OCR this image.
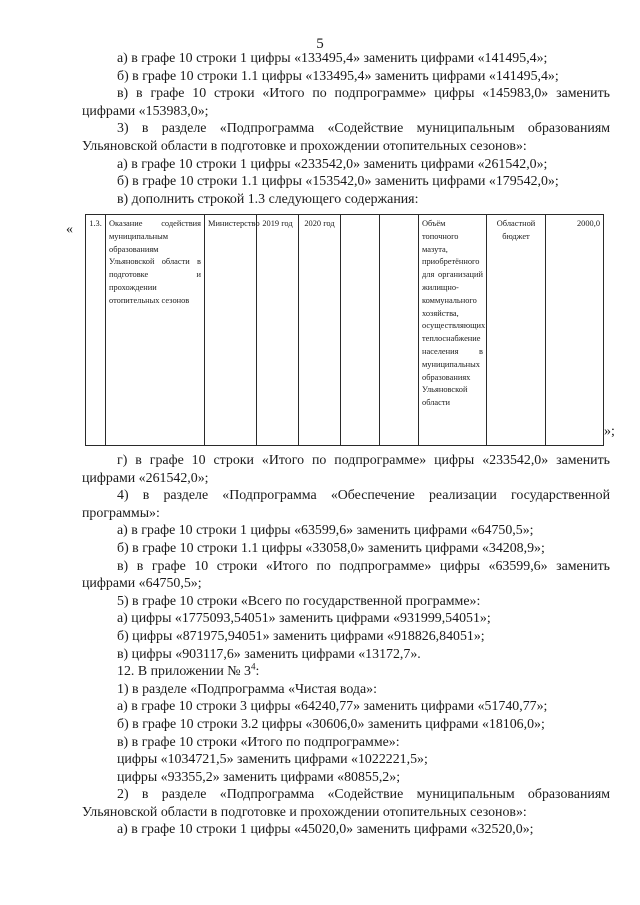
5

а) в графе 10 строки 1 цифры «133495,4» заменить цифрами «141495,4»;

б) в графе 10 строки 1.1 цифры «133495,4» заменить цифрами «141495,4»;

в) в графе 10 строки «Итого по подпрограмме» цифры «145983,0» заменить цифрами «153983,0»;

3) в разделе «Подпрограмма «Содействие муниципальным образованиям Ульяновской области в подготовке и прохождении отопительных сезонов»:

а) в графе 10 строки 1 цифры «233542,0» заменить цифрами «261542,0»;

б) в графе 10 строки 1.1 цифры «153542,0» заменить цифрами «179542,0»;

в) дополнить строкой 1.3 следующего содержания:

« 1.3.	Оказание содействия муниципальным образованиям Ульяновской области в подготовке и прохождении отопительных сезонов	Министерство	2019 год	2020 год			Объём топочного мазута, приобретённого для организаций жилищно-коммунального хозяйства, осуществляющих теплоснабжение населения в муниципальных образованиях Ульяновской области	Областной бюджет	2000,0
»;

г) в графе 10 строки «Итого по подпрограмме» цифры «233542,0» заменить цифрами «261542,0»;

4) в разделе «Подпрограмма «Обеспечение реализации государственной программы»:

а) в графе 10 строки 1 цифры «63599,6» заменить цифрами «64750,5»;

б) в графе 10 строки 1.1 цифры «33058,0» заменить цифрами «34208,9»;

в) в графе 10 строки «Итого по подпрограмме» цифры «63599,6» заменить цифрами «64750,5»;

5) в графе 10 строки «Всего по государственной программе»:

а) цифры «1775093,54051» заменить цифрами «931999,54051»;

б) цифры «871975,94051» заменить цифрами «918826,84051»;

в) цифры «903117,6» заменить цифрами «13172,7».

12. В приложении № $3^4$:

1) в разделе «Подпрограмма «Чистая вода»:

а) в графе 10 строки 3 цифры «64240,77» заменить цифрами «51740,77»;

б) в графе 10 строки 3.2 цифры «30606,0» заменить цифрами «18106,0»;

в) в графе 10 строки «Итого по подпрограмме»:

цифры «1034721,5» заменить цифрами «1022221,5»;

цифры «93355,2» заменить цифрами «80855,2»;

2) в разделе «Подпрограмма «Содействие муниципальным образованиям Ульяновской области в подготовке и прохождении отопительных сезонов»:

а) в графе 10 строки 1 цифры «45020,0» заменить цифрами «32520,0»;
